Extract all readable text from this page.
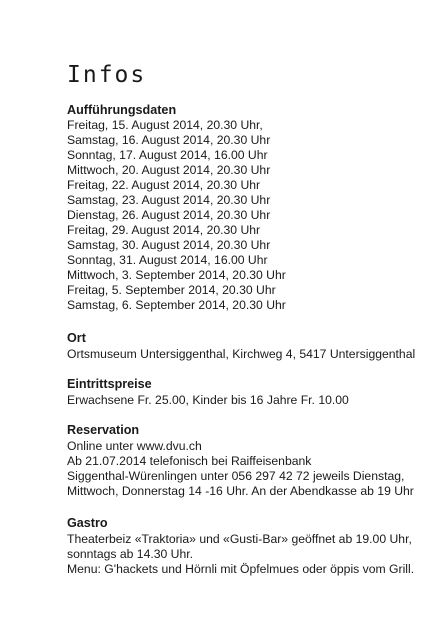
Infos
Aufführungsdaten
Freitag, 15. August 2014, 20.30 Uhr,
Samstag, 16. August 2014, 20.30 Uhr
Sonntag, 17. August 2014, 16.00 Uhr
Mittwoch, 20. August 2014, 20.30 Uhr
Freitag, 22. August 2014, 20.30 Uhr
Samstag, 23. August 2014, 20.30 Uhr
Dienstag, 26. August 2014, 20.30 Uhr
Freitag, 29. August 2014, 20.30 Uhr
Samstag, 30. August 2014, 20.30 Uhr
Sonntag, 31. August 2014, 16.00 Uhr
Mittwoch, 3. September 2014, 20.30 Uhr
Freitag, 5. September 2014, 20.30 Uhr
Samstag, 6. September 2014, 20.30 Uhr
Ort
Ortsmuseum Untersiggenthal, Kirchweg 4, 5417 Untersiggenthal
Eintrittspreise
Erwachsene Fr. 25.00, Kinder bis 16 Jahre Fr. 10.00
Reservation
Online unter www.dvu.ch
Ab 21.07.2014 telefonisch bei Raiffeisenbank
Siggenthal-Würenlingen unter 056 297 42 72 jeweils Dienstag,
Mittwoch, Donnerstag 14 -16 Uhr. An der Abendkasse ab 19 Uhr
Gastro
Theaterbeiz «Traktoria» und «Gusti-Bar» geöffnet ab 19.00 Uhr,
sonntags ab 14.30 Uhr.
Menu: G'hackets und Hörnli mit Öpfelmues oder öppis vom Grill.
